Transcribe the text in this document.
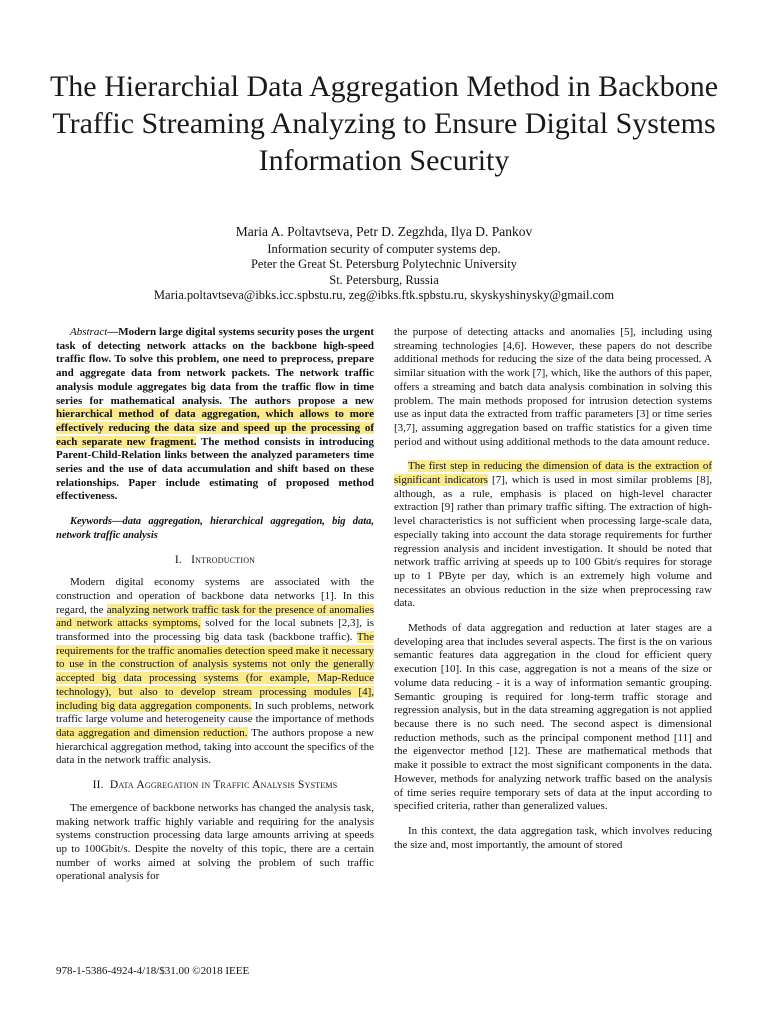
The Hierarchial Data Aggregation Method in Backbone Traffic Streaming Analyzing to Ensure Digital Systems Information Security
Maria A. Poltavtseva, Petr D. Zegzhda, Ilya D. Pankov
Information security of computer systems dep.
Peter the Great St. Petersburg Polytechnic University
St. Petersburg, Russia
Maria.poltavtseva@ibks.icc.spbstu.ru, zeg@ibks.ftk.spbstu.ru, skyskyshinysky@gmail.com

Abstract—Modern large digital systems security poses the urgent task of detecting network attacks on the backbone high-speed traffic flow. To solve this problem, one need to preprocess, prepare and aggregate data from network packets. The network traffic analysis module aggregates big data from the traffic flow in time series for mathematical analysis. The authors propose a new hierarchical method of data aggregation, which allows to more effectively reducing the data size and speed up the processing of each separate new fragment. The method consists in introducing Parent-Child-Relation links between the analyzed parameters time series and the use of data accumulation and shift based on these relationships. Paper include estimating of proposed method effectiveness.

Keywords—data aggregation, hierarchical aggregation, big data, network traffic analysis

I. Introduction

Modern digital economy systems are associated with the construction and operation of backbone data networks [1]. In this regard, the analyzing network traffic task for the presence of anomalies and network attacks symptoms, solved for the local subnets [2,3], is transformed into the processing big data task (backbone traffic). The requirements for the traffic anomalies detection speed make it necessary to use in the construction of analysis systems not only the generally accepted big data processing systems (for example, Map-Reduce technology), but also to develop stream processing modules [4], including big data aggregation components. In such problems, network traffic large volume and heterogeneity cause the importance of methods data aggregation and dimension reduction. The authors propose a new hierarchical aggregation method, taking into account the specifics of the data in the network traffic analysis.

II. Data Aggregation in Traffic Analysis Systems

The emergence of backbone networks has changed the analysis task, making network traffic highly variable and requiring for the analysis systems construction processing data large amounts arriving at speeds up to 100Gbit/s. Despite the novelty of this topic, there are a certain number of works aimed at solving the problem of such traffic operational analysis for

the purpose of detecting attacks and anomalies [5], including using streaming technologies [4,6]. However, these papers do not describe additional methods for reducing the size of the data being processed. A similar situation with the work [7], which, like the authors of this paper, offers a streaming and batch data analysis combination in solving this problem. The main methods proposed for intrusion detection systems use as input data the extracted from traffic parameters [3] or time series [3,7], assuming aggregation based on traffic statistics for a given time period and without using additional methods to the data amount reduce.

The first step in reducing the dimension of data is the extraction of significant indicators [7], which is used in most similar problems [8], although, as a rule, emphasis is placed on high-level character extraction [9] rather than primary traffic sifting. The extraction of high-level characteristics is not sufficient when processing large-scale data, especially taking into account the data storage requirements for further regression analysis and incident investigation. It should be noted that network traffic arriving at speeds up to 100 Gbit/s requires for storage up to 1 PByte per day, which is an extremely high volume and necessitates an obvious reduction in the size when preprocessing raw data.

Methods of data aggregation and reduction at later stages are a developing area that includes several aspects. The first is the on various semantic features data aggregation in the cloud for efficient query execution [10]. In this case, aggregation is not a means of the size or volume data reducing - it is a way of information semantic grouping. Semantic grouping is required for long-term traffic storage and regression analysis, but in the data streaming aggregation is not applied because there is no such need. The second aspect is dimensional reduction methods, such as the principal component method [11] and the eigenvector method [12]. These are mathematical methods that make it possible to extract the most significant components in the data. However, methods for analyzing network traffic based on the analysis of time series require temporary sets of data at the input according to specified criteria, rather than generalized values.

In this context, the data aggregation task, which involves reducing the size and, most importantly, the amount of stored

978-1-5386-4924-4/18/$31.00 ©2018 IEEE
